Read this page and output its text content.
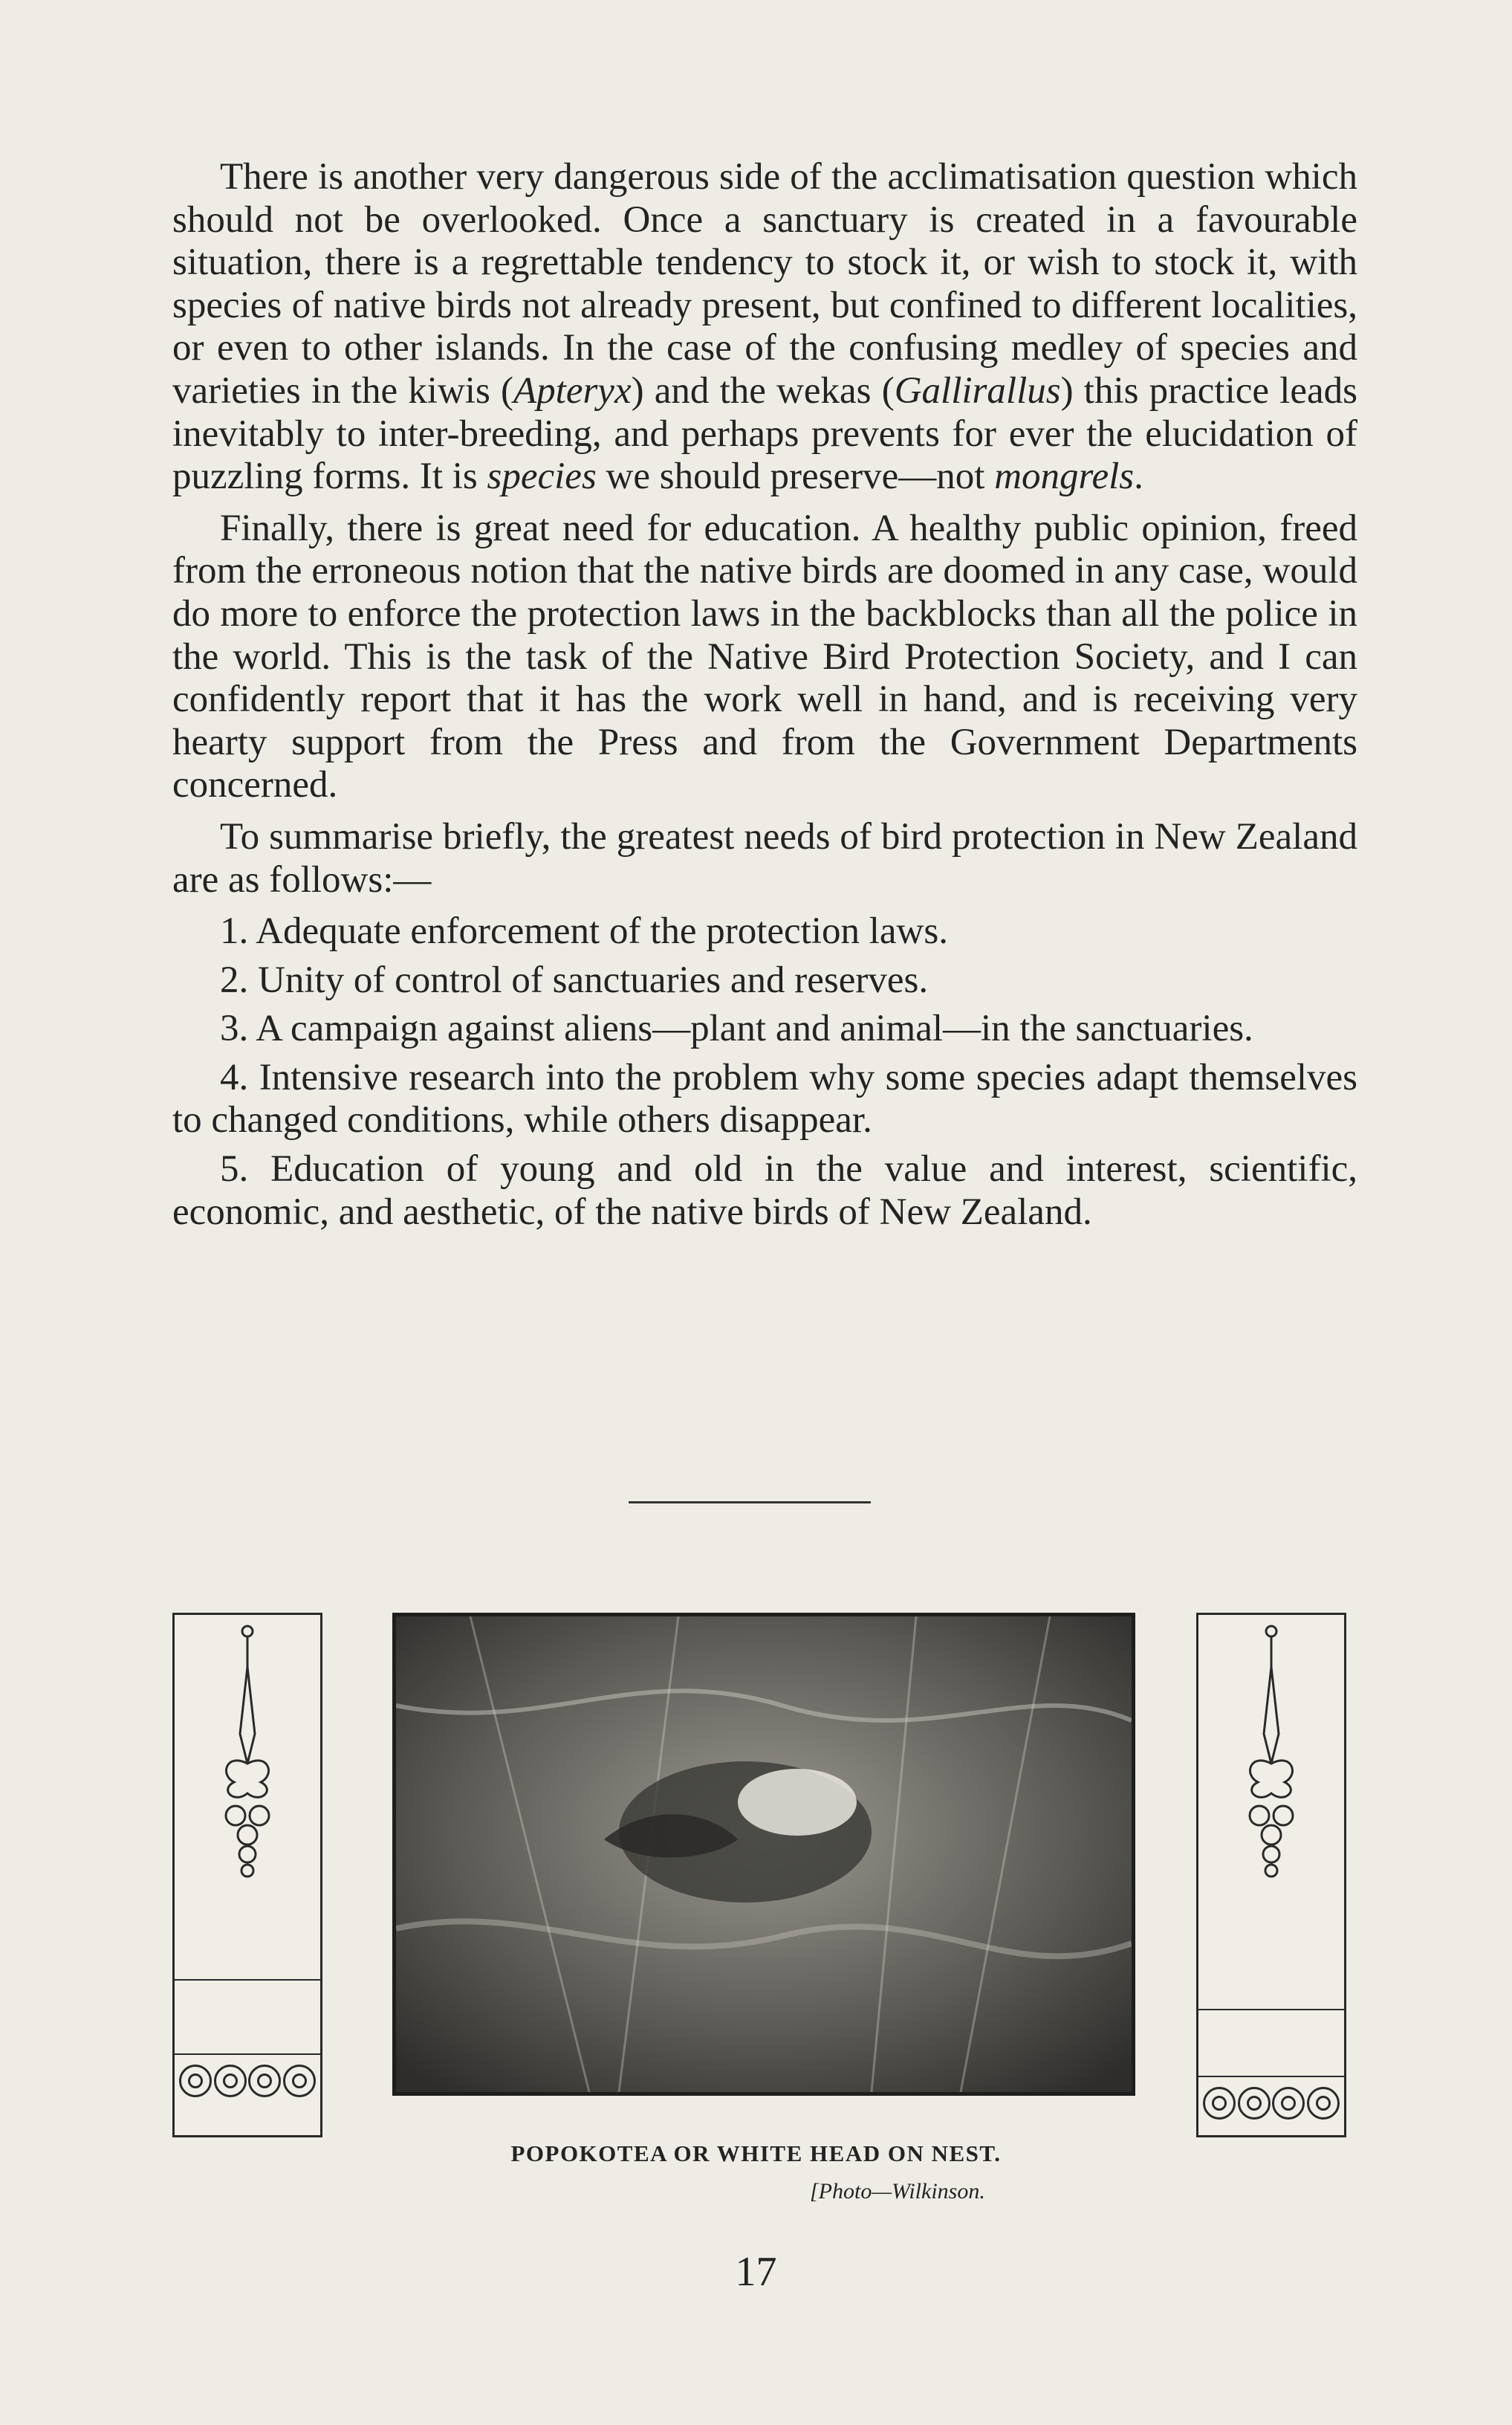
There is another very dangerous side of the acclimatisation question which should not be overlooked. Once a sanctuary is created in a favourable situation, there is a regrettable tendency to stock it, or wish to stock it, with species of native birds not already present, but confined to different localities, or even to other islands. In the case of the confusing medley of species and varieties in the kiwis (Apteryx) and the wekas (Gallirallus) this practice leads inevitably to inter-breeding, and perhaps prevents for ever the elucidation of puzzling forms. It is species we should preserve—not mongrels.

Finally, there is great need for education. A healthy public opinion, freed from the erroneous notion that the native birds are doomed in any case, would do more to enforce the protection laws in the backblocks than all the police in the world. This is the task of the Native Bird Protection Society, and I can confidently report that it has the work well in hand, and is receiving very hearty support from the Press and from the Government Departments concerned.

To summarise briefly, the greatest needs of bird protection in New Zealand are as follows:—

1. Adequate enforcement of the protection laws.

2. Unity of control of sanctuaries and reserves.

3. A campaign against aliens—plant and animal—in the sanctuaries.

4. Intensive research into the problem why some species adapt themselves to changed conditions, while others disappear.

5. Education of young and old in the value and interest, scientific, economic, and aesthetic, of the native birds of New Zealand.

POPOKOTEA OR WHITE HEAD ON NEST.
[Photo—Wilkinson.
17
